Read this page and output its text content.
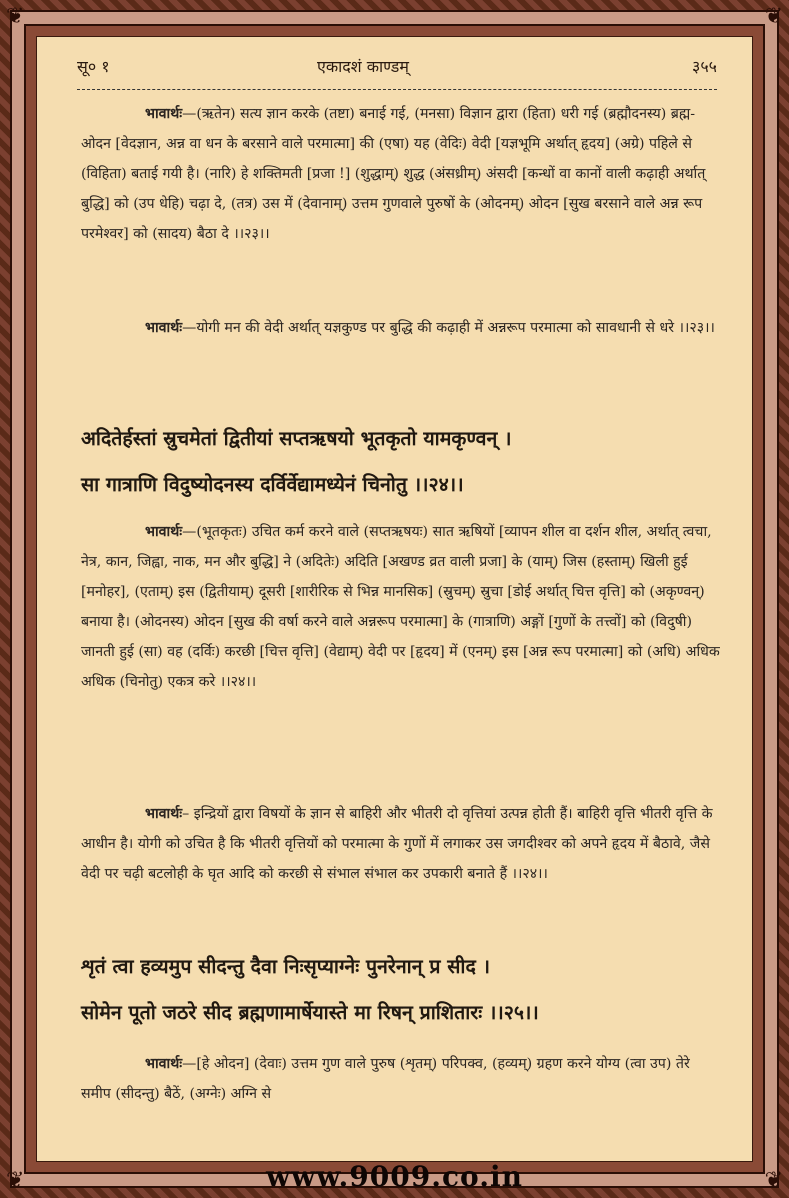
❦	❦
❦	❦
सू० १	एकादशं काण्डम्	३५५
भावार्थः—(ऋतेन) सत्य ज्ञान करके (तष्टा) बनाई गई, (मनसा) विज्ञान द्वारा (हिता) धरी गई (ब्रह्मौदनस्य) ब्रह्म-ओदन [वेदज्ञान, अन्न वा धन के बरसाने वाले परमात्मा] की (एषा) यह (वेदिः) वेदी [यज्ञभूमि अर्थात् हृदय] (अग्रे) पहिले से (विहिता) बताई गयी है। (नारि) हे शक्तिमती [प्रजा !] (शुद्धाम्) शुद्ध (अंसध्रीम्) अंसदी [कन्धों वा कानों वाली कढ़ाही अर्थात् बुद्धि] को (उप धेहि) चढ़ा दे, (तत्र) उस में (देवानाम्) उत्तम गुणवाले पुरुषों के (ओदनम्) ओदन [सुख बरसाने वाले अन्न रूप परमेश्वर] को (सादय) बैठा दे ।।२३।।
भावार्थः—योगी मन की वेदी अर्थात् यज्ञकुण्ड पर बुद्धि की कढ़ाही में अन्नरूप परमात्मा को सावधानी से धरे ।।२३।।
अदितेर्हस्तां स्रुचमेतां द्वितीयां सप्तऋषयो भूतकृतो यामकृण्वन् ।
सा गात्राणि विदुष्योदनस्य दर्विर्वेद्यामध्येनं चिनोतु ।।२४।।
भावार्थः—(भूतकृतः) उचित कर्म करने वाले (सप्तऋषयः) सात ऋषियों [व्यापन शील वा दर्शन शील, अर्थात् त्वचा, नेत्र, कान, जिह्वा, नाक, मन और बुद्धि] ने (अदितेः) अदिति [अखण्ड व्रत वाली प्रजा] के (याम्) जिस (हस्ताम्) खिली हुई [मनोहर], (एताम्) इस (द्वितीयाम्) दूसरी [शारीरिक से भिन्न मानसिक] (स्रुचम्) स्रुचा [डोई अर्थात् चित्त वृत्ति] को (अकृण्वन्) बनाया है। (ओदनस्य) ओदन [सुख की वर्षा करने वाले अन्नरूप परमात्मा] के (गात्राणि) अङ्गों [गुणों के तत्त्वों] को (विदुषी) जानती हुई (सा) वह (दर्विः) करछी [चित्त वृत्ति] (वेद्याम्) वेदी पर [हृदय] में (एनम्) इस [अन्न रूप परमात्मा] को (अधि) अधिक अधिक (चिनोतु) एकत्र करे ।।२४।।
भावार्थः– इन्द्रियों द्वारा विषयों के ज्ञान से बाहिरी और भीतरी दो वृत्तियां उत्पन्न होती हैं। बाहिरी वृत्ति भीतरी वृत्ति के आधीन है। योगी को उचित है कि भीतरी वृत्तियों को परमात्मा के गुणों में लगाकर उस जगदीश्वर को अपने हृदय में बैठावे, जैसे वेदी पर चढ़ी बटलोही के घृत आदि को करछी से संभाल संभाल कर उपकारी बनाते हैं ।।२४।।
शृतं त्वा हव्यमुप सीदन्तु दैवा निःसृप्याग्नेः पुनरेनान् प्र सीद ।
सोमेन पूतो जठरे सीद ब्रह्मणामार्षेयास्ते मा रिषन् प्राशितारः ।।२५।।
भावार्थः—[हे ओदन] (देवाः) उत्तम गुण वाले पुरुष (शृतम्) परिपक्व, (हव्यम्) ग्रहण करने योग्य (त्वा उप) तेरे समीप (सीदन्तु) बैठें, (अग्नेः) अग्नि से
www.9009.co.in
